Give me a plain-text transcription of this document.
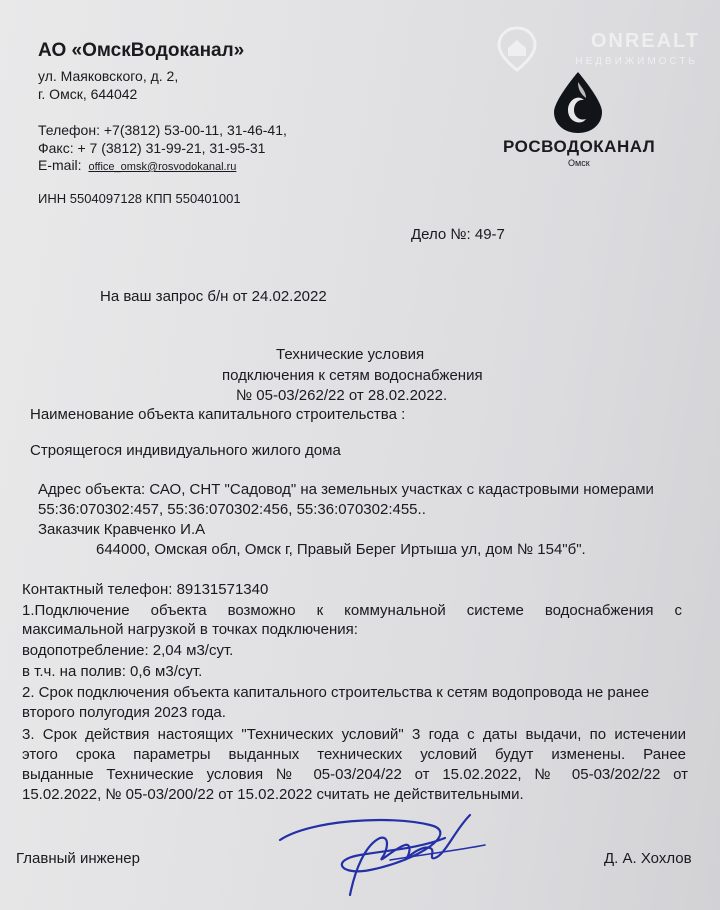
ONREALT
НЕДВИЖИМОСТЬ
АО «ОмскВодоканал»
ул. Маяковского, д. 2,
г. Омск, 644042
Телефон: +7(3812) 53-00-11, 31-46-41,
Факс: + 7 (3812) 31-99-21, 31-95-31
E-mail: office_omsk@rosvodokanal.ru
ИНН 5504097128 КПП 550401001
РОСВОДОКАНАЛ
Омск
Дело №: 49-7
На ваш запрос б/н от 24.02.2022
Технические условия
подключения к сетям водоснабжения
№ 05-03/262/22 от 28.02.2022.
Наименование объекта капитального строительства :
Строящегося индивидуального жилого дома
Адрес объекта: САО, СНТ "Садовод" на земельных участках с кадастровыми номерами
55:36:070302:457, 55:36:070302:456, 55:36:070302:455..
Заказчик Кравченко И.А
644000, Омская обл, Омск г, Правый Берег Иртыша ул, дом № 154"б".
Контактный телефон: 89131571340
1.Подключение объекта возможно к коммунальной системе водоснабжения с
максимальной нагрузкой в точках подключения:
водопотребление: 2,04 м3/сут.
в т.ч. на полив: 0,6 м3/сут.
2. Срок подключения объекта капитального строительства к сетям водопровода не ранее
второго полугодия 2023 года.
3. Срок действия настоящих "Технических условий" 3 года с даты выдачи, по истечении
этого срока параметры выданных технических условий будут изменены. Ранее
выданные Технические условия № 05-03/204/22 от 15.02.2022, № 05-03/202/22 от
15.02.2022, № 05-03/200/22 от 15.02.2022 считать не действительными.
Главный инженер	Д. А. Хохлов
